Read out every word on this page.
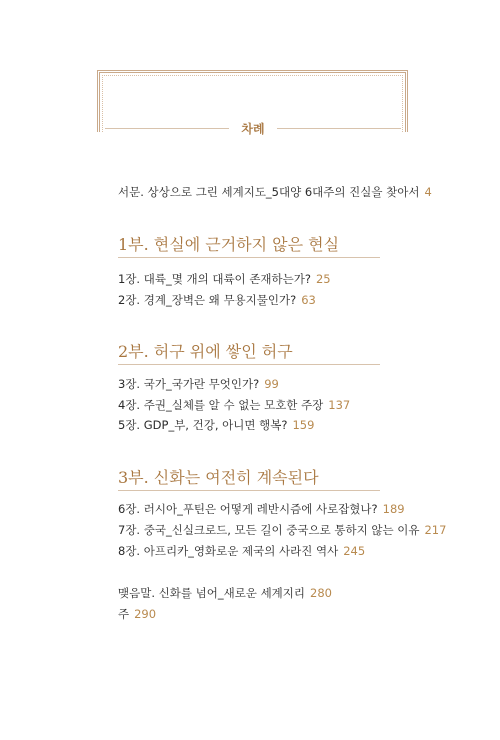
차례
서문. 상상으로 그린 세계지도_5대양 6대주의 진실을 찾아서 4
1부. 현실에 근거하지 않은 현실
1장. 대륙_몇 개의 대륙이 존재하는가? 25
2장. 경계_장벽은 왜 무용지물인가? 63
2부. 허구 위에 쌓인 허구
3장. 국가_국가란 무엇인가? 99
4장. 주권_실체를 알 수 없는 모호한 주장 137
5장. GDP_부, 건강, 아니면 행복? 159
3부. 신화는 여전히 계속된다
6장. 러시아_푸틴은 어떻게 레반시즘에 사로잡혔나? 189
7장. 중국_신실크로드, 모든 길이 중국으로 통하지 않는 이유 217
8장. 아프리카_영화로운 제국의 사라진 역사 245
맺음말. 신화를 넘어_새로운 세계지리 280
주 290
